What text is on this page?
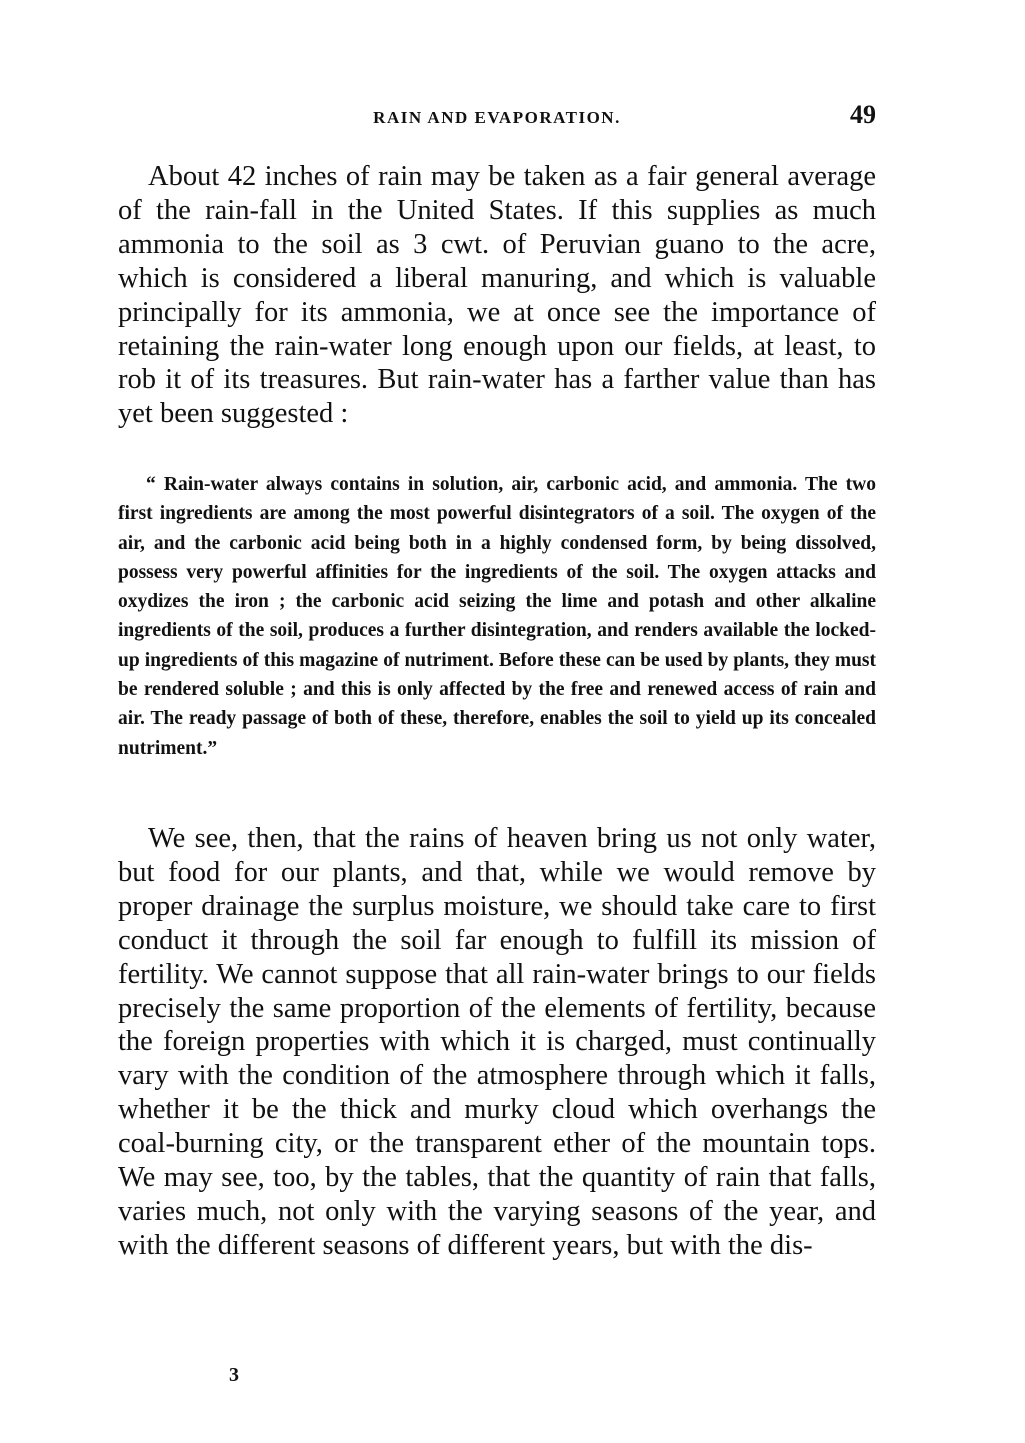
RAIN AND EVAPORATION.	49

About 42 inches of rain may be taken as a fair general average of the rain-fall in the United States. If this supplies as much ammonia to the soil as 3 cwt. of Peruvian guano to the acre, which is considered a liberal manuring, and which is valuable principally for its ammonia, we at once see the importance of retaining the rain-water long enough upon our fields, at least, to rob it of its treasures. But rain-water has a farther value than has yet been suggested :

“ Rain-water always contains in solution, air, carbonic acid, and ammonia. The two first ingredients are among the most powerful disintegrators of a soil. The oxygen of the air, and the carbonic acid being both in a highly condensed form, by being dissolved, possess very powerful affinities for the ingredients of the soil. The oxygen attacks and oxydizes the iron ; the carbonic acid seizing the lime and potash and other alkaline ingredients of the soil, produces a further disintegration, and renders available the locked-up ingredients of this magazine of nutriment. Before these can be used by plants, they must be rendered soluble ; and this is only affected by the free and renewed access of rain and air. The ready passage of both of these, therefore, enables the soil to yield up its concealed nutriment.”

We see, then, that the rains of heaven bring us not only water, but food for our plants, and that, while we would remove by proper drainage the surplus moisture, we should take care to first conduct it through the soil far enough to fulfill its mission of fertility. We cannot suppose that all rain-water brings to our fields precisely the same proportion of the elements of fertility, because the foreign properties with which it is charged, must continually vary with the condition of the atmosphere through which it falls, whether it be the thick and murky cloud which overhangs the coal-burning city, or the transparent ether of the mountain tops. We may see, too, by the tables, that the quantity of rain that falls, varies much, not only with the varying seasons of the year, and with the different seasons of different years, but with the dis-

3
